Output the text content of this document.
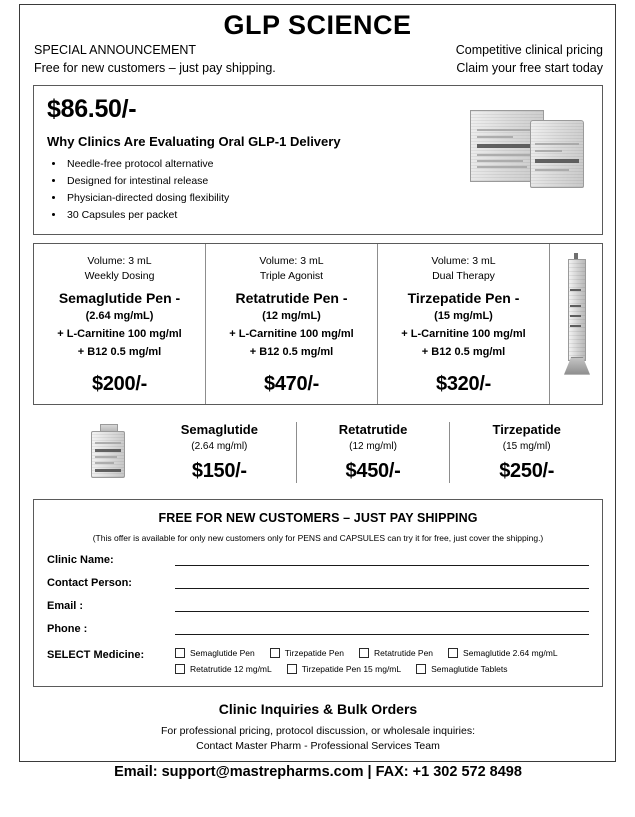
GLP SCIENCE
SPECIAL ANNOUNCEMENT
Free for new customers – just pay shipping.
Competitive clinical pricing
Claim your free start today
$86.50/-
Why Clinics Are Evaluating Oral GLP-1 Delivery
• Needle-free protocol alternative
• Designed for intestinal release
• Physician-directed dosing flexibility
• 30 Capsules per packet
Volume: 3 mL
Weekly Dosing
Semaglutide Pen -
(2.64 mg/mL)
+ L-Carnitine 100 mg/ml
+ B12 0.5 mg/ml
$200/-
Volume: 3 mL
Triple Agonist
Retatrutide Pen -
(12 mg/mL)
+ L-Carnitine 100 mg/ml
+ B12 0.5 mg/ml
$470/-
Volume: 3 mL
Dual Therapy
Tirzepatide Pen -
(15 mg/mL)
+ L-Carnitine 100 mg/ml
+ B12 0.5 mg/ml
$320/-
Semaglutide
(2.64 mg/ml)
$150/-
Retatrutide
(12 mg/ml)
$450/-
Tirzepatide
(15 mg/ml)
$250/-
FREE FOR NEW CUSTOMERS – JUST PAY SHIPPING
(This offer is available for only new customers only for PENS and CAPSULES can try it for free, just cover the shipping.)
Clinic Name:
Contact Person:
Email :
Phone :
SELECT Medicine:	Semaglutide Pen	Tirzepatide Pen	Retatrutide Pen	Semaglutide 2.64 mg/mL
Retatrutide 12 mg/mL	Tirzepatide Pen 15 mg/mL	Semaglutide Tablets
Clinic Inquiries & Bulk Orders
For professional pricing, protocol discussion, or wholesale inquiries:
Contact Master Pharm - Professional Services Team
Email: support@mastrepharms.com | FAX: +1 302 572 8498
